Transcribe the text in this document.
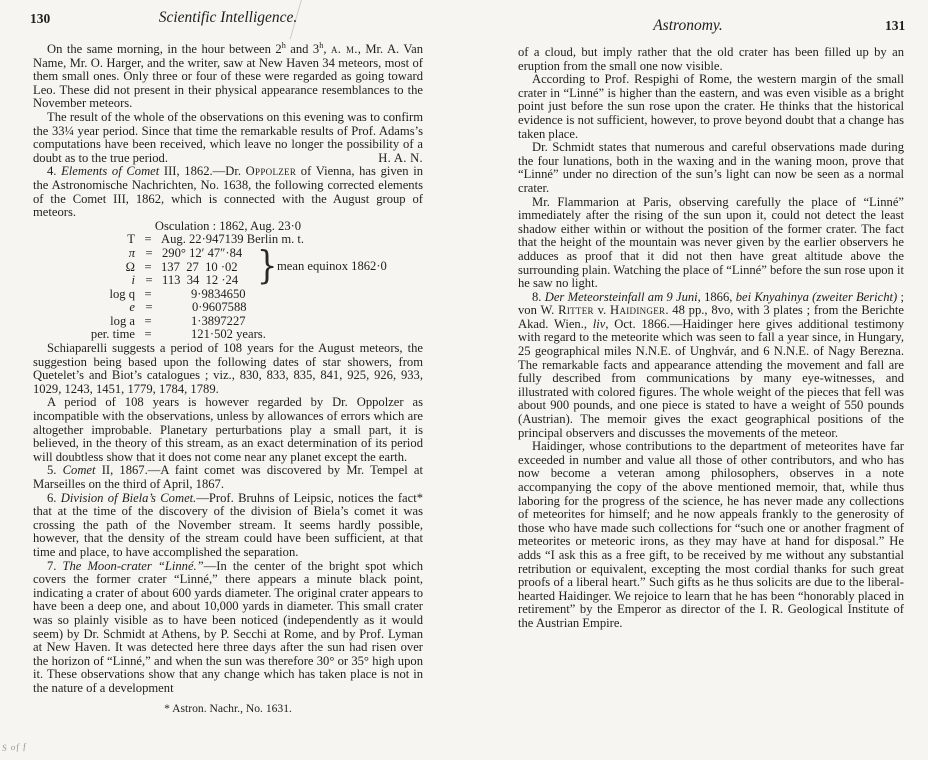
S of f
130	Scientific Intelligence.	Astronomy.	131

On the same morning, in the hour between 2$^h$ and 3$^h$, a. m., Mr. A. Van Name, Mr. O. Harger, and the writer, saw at New Haven 34 meteors, most of them small ones. Only three or four of these were regarded as going toward Leo. These did not present in their physical appearance resemblances to the November meteors.

The result of the whole of the observations on this evening was to confirm the 33¼ year period. Since that time the remarkable results of Prof. Adams’s computations have been received, which leave no longer the possibility of a doubt as to the true period.	H. A. N.

4. Elements of Comet III, 1862.—Dr. Oppolzer of Vienna, has given in the Astronomische Nachrichten, No. 1638, the following corrected elements of the Comet III, 1862, which is connected with the August group of meteors.

Osculation : 1862, Aug. 23·0
T = Aug. 22·947139 Berlin m. t.
π = 290° 12′ 47″·84
Ω = 137  27  10 ·02
i = 113  34  12 ·24
log q =	9·9834650
e =	0·9607588
log a =	1·3897227
per. time =	121·502 years.
} mean equinox 1862·0

Schiaparelli suggests a period of 108 years for the August meteors, the suggestion being based upon the following dates of star showers, from Quetelet’s and Biot’s catalogues ; viz., 830, 833, 835, 841, 925, 926, 933, 1029, 1243, 1451, 1779, 1784, 1789.

A period of 108 years is however regarded by Dr. Oppolzer as incompatible with the observations, unless by allowances of errors which are altogether improbable. Planetary perturbations play a small part, it is believed, in the theory of this stream, as an exact determination of its period will doubtless show that it does not come near any planet except the earth.

5. Comet II, 1867.—A faint comet was discovered by Mr. Tempel at Marseilles on the third of April, 1867.

6. Division of Biela’s Comet.—Prof. Bruhns of Leipsic, notices the fact* that at the time of the discovery of the division of Biela’s comet it was crossing the path of the November stream. It seems hardly possible, however, that the density of the stream could have been sufficient, at that time and place, to have accomplished the separation.

7. The Moon-crater “Linné.”—In the center of the bright spot which covers the former crater “Linné,” there appears a minute black point, indicating a crater of about 600 yards diameter. The original crater appears to have been a deep one, and about 10,000 yards in diameter. This small crater was so plainly visible as to have been noticed (independently as it would seem) by Dr. Schmidt at Athens, by P. Secchi at Rome, and by Prof. Lyman at New Haven. It was detected here three days after the sun had risen over the horizon of “Linné,” and when the sun was therefore 30° or 35° high upon it. These observations show that any change which has taken place is not in the nature of a development

* Astron. Nachr., No. 1631.

of a cloud, but imply rather that the old crater has been filled up by an eruption from the small one now visible.

According to Prof. Respighi of Rome, the western margin of the small crater in “Linné” is higher than the eastern, and was even visible as a bright point just before the sun rose upon the crater. He thinks that the historical evidence is not sufficient, however, to prove beyond doubt that a change has taken place.

Dr. Schmidt states that numerous and careful observations made during the four lunations, both in the waxing and in the waning moon, prove that “Linné” under no direction of the sun’s light can now be seen as a normal crater.

Mr. Flammarion at Paris, observing carefully the place of “Linné” immediately after the rising of the sun upon it, could not detect the least shadow either within or without the position of the former crater. The fact that the height of the mountain was never given by the earlier observers he adduces as proof that it did not then have great altitude above the surrounding plain. Watching the place of “Linné” before the sun rose upon it he saw no light.

8. Der Meteorsteinfall am 9 Juni, 1866, bei Knyahinya (zweiter Bericht) ; von W. Ritter v. Haidinger. 48 pp., 8vo, with 3 plates ; from the Berichte Akad. Wien., liv, Oct. 1866.—Haidinger here gives additional testimony with regard to the meteorite which was seen to fall a year since, in Hungary, 25 geographical miles N.N.E. of Unghvár, and 6 N.N.E. of Nagy Berezna. The remarkable facts and appearance attending the movement and fall are fully described from communications by many eye-witnesses, and illustrated with colored figures. The whole weight of the pieces that fell was about 900 pounds, and one piece is stated to have a weight of 550 pounds (Austrian). The memoir gives the exact geographical positions of the principal observers and discusses the movements of the meteor.

Haidinger, whose contributions to the department of meteorites have far exceeded in number and value all those of other contributors, and who has now become a veteran among philosophers, observes in a note accompanying the copy of the above mentioned memoir, that, while thus laboring for the progress of the science, he has never made any collections of meteorites for himself; and he now appeals frankly to the generosity of those who have made such collections for “such one or another fragment of meteorites or meteoric irons, as they may have at hand for disposal.” He adds “I ask this as a free gift, to be received by me without any substantial retribution or equivalent, excepting the most cordial thanks for such great proofs of a liberal heart.” Such gifts as he thus solicits are due to the liberal-hearted Haidinger. We rejoice to learn that he has been “honorably placed in retirement” by the Emperor as director of the I. R. Geological Institute of the Austrian Empire.
